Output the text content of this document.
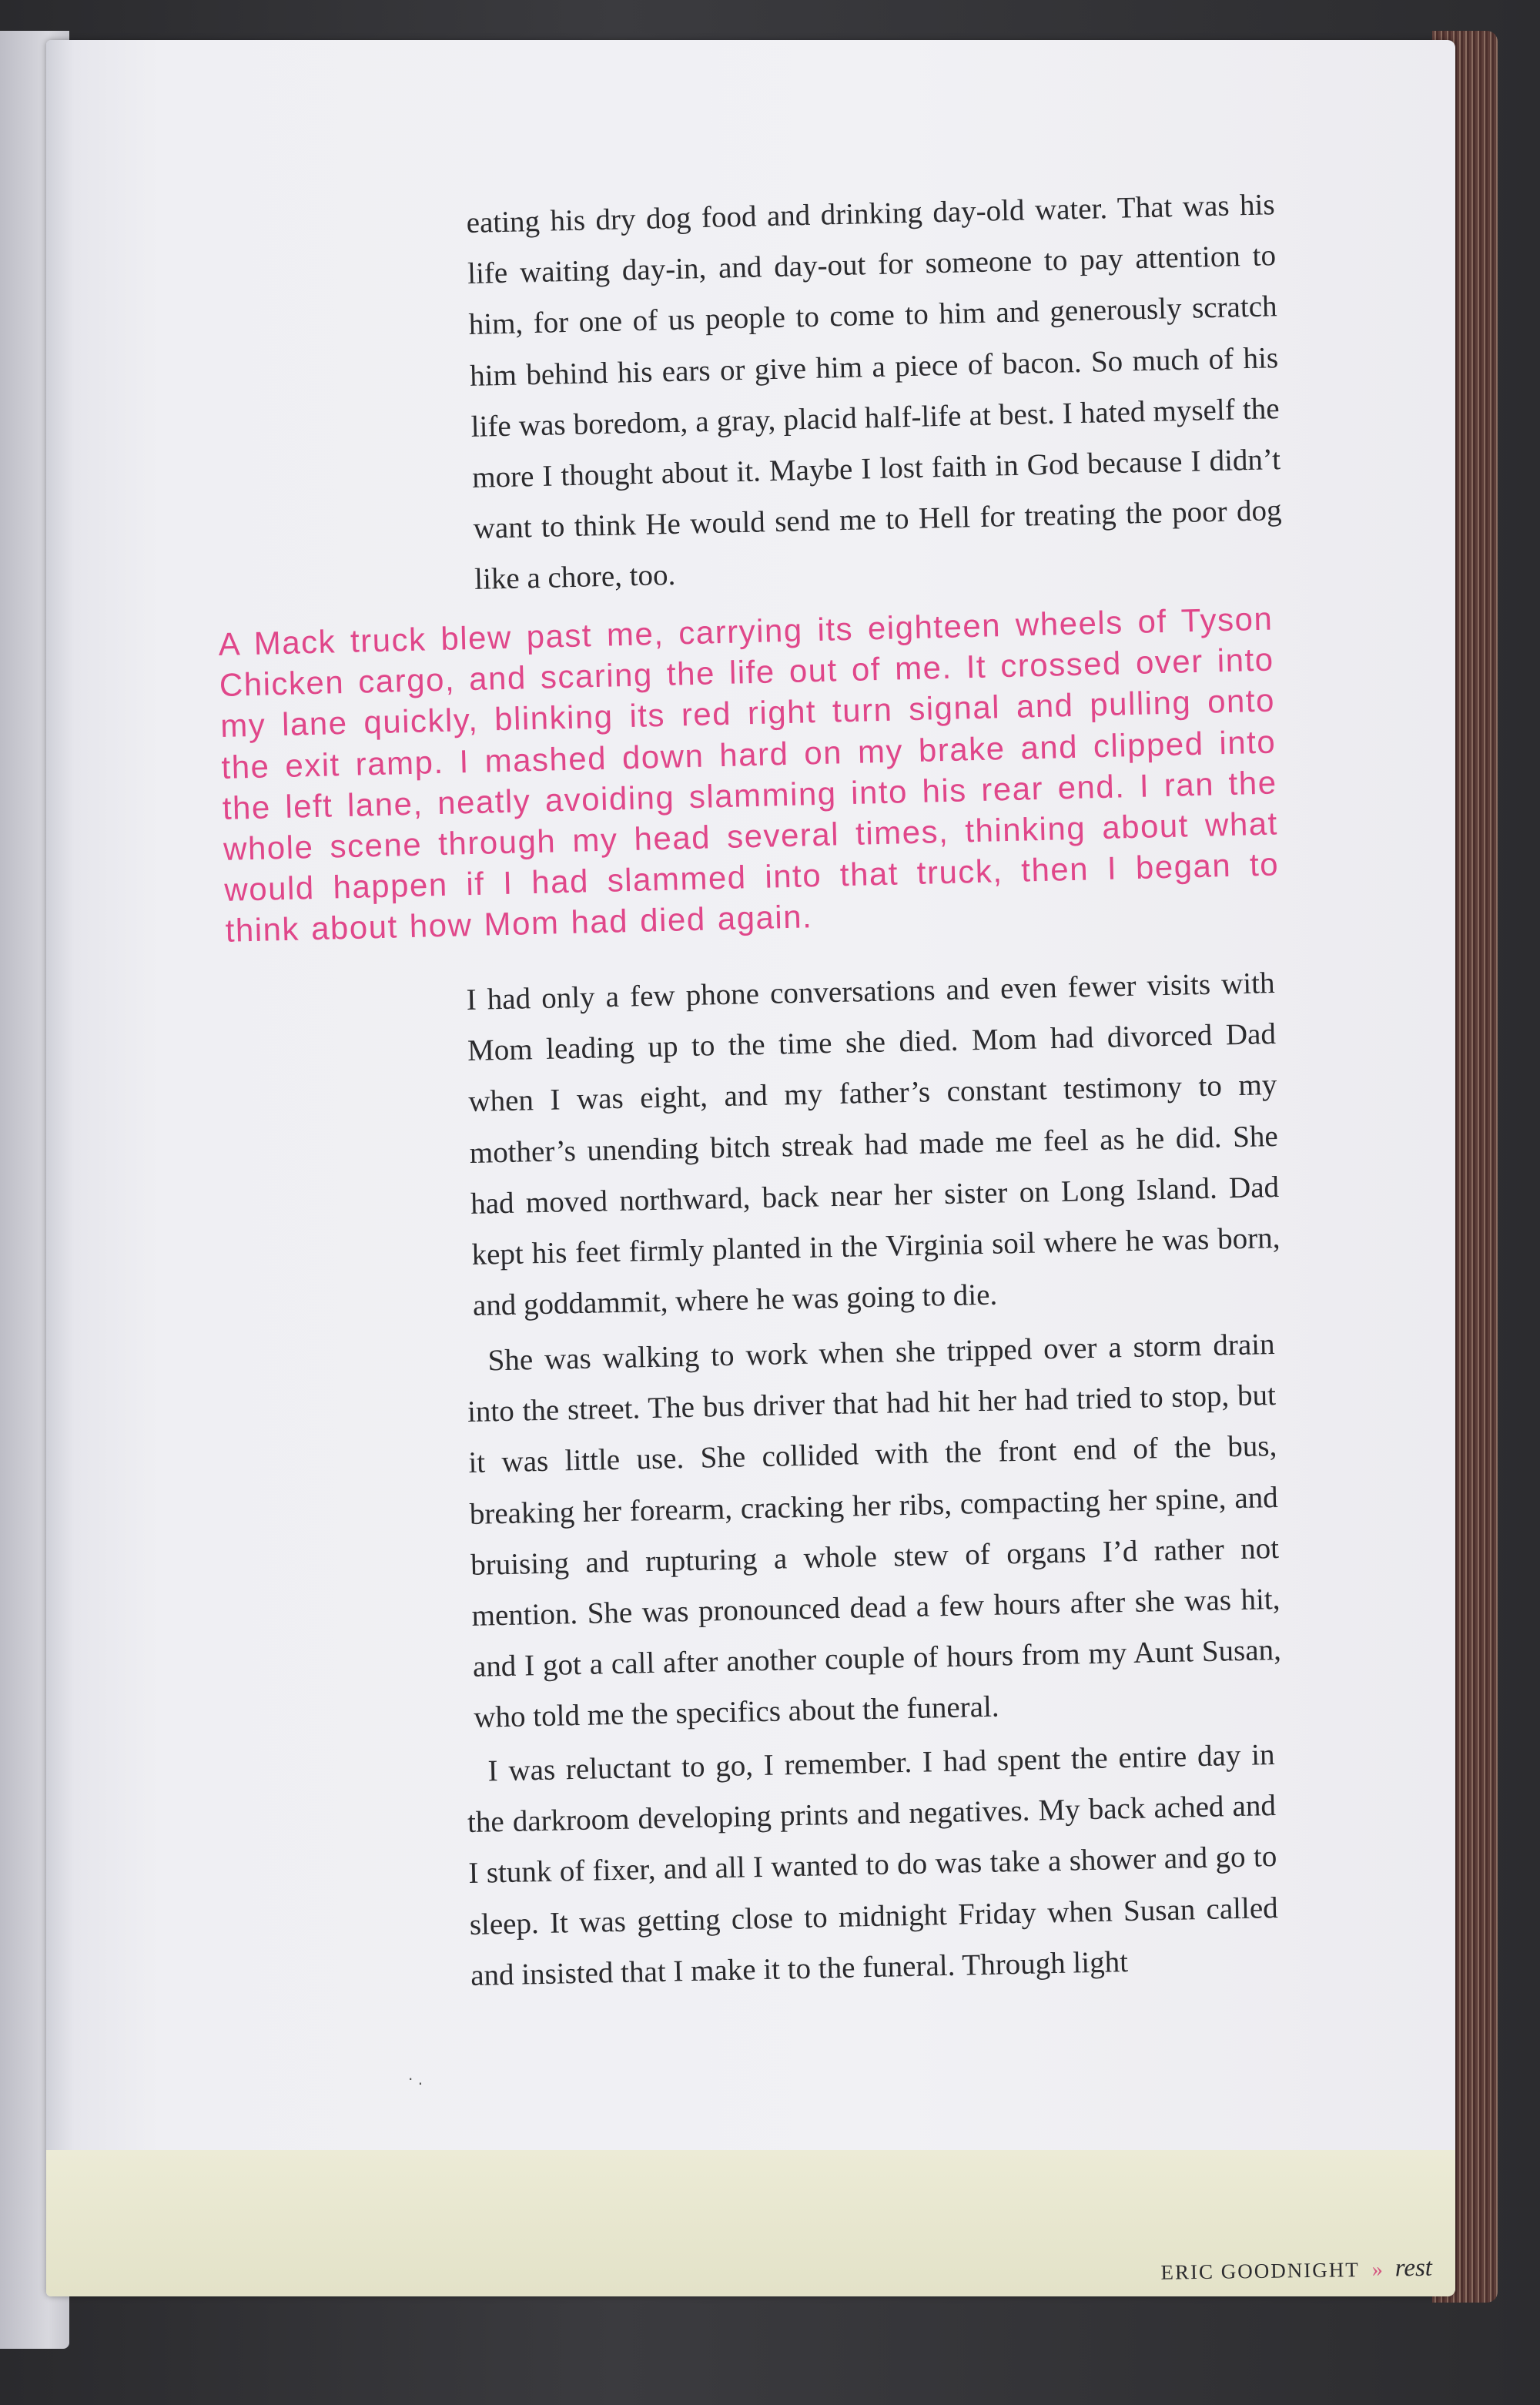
eating his dry dog food and drinking day-old water. That was his life waiting day-in, and day-out for someone to pay attention to him, for one of us people to come to him and generously scratch him behind his ears or give him a piece of bacon. So much of his life was boredom, a gray, placid half-life at best. I hated myself the more I thought about it. Maybe I lost faith in God because I didn’t want to think He would send me to Hell for treating the poor dog like a chore, too.

A Mack truck blew past me, carrying its eighteen wheels of Tyson Chicken cargo, and scaring the life out of me. It crossed over into my lane quickly, blinking its red right turn signal and pulling onto the exit ramp. I mashed down hard on my brake and clipped into the left lane, neatly avoiding slamming into his rear end. I ran the whole scene through my head several times, thinking about what would happen if I had slammed into that truck, then I began to think about how Mom had died again.

I had only a few phone conversations and even fewer visits with Mom leading up to the time she died. Mom had divorced Dad when I was eight, and my father’s constant testimony to my mother’s unending bitch streak had made me feel as he did. She had moved northward, back near her sister on Long Island. Dad kept his feet firmly planted in the Virginia soil where he was born, and goddammit, where he was going to die.

She was walking to work when she tripped over a storm drain into the street. The bus driver that had hit her had tried to stop, but it was little use. She collided with the front end of the bus, breaking her forearm, cracking her ribs, compacting her spine, and bruising and rupturing a whole stew of organs I’d rather not mention. She was pronounced dead a few hours after she was hit, and I got a call after another couple of hours from my Aunt Susan, who told me the specifics about the funeral.

I was reluctant to go, I remember. I had spent the entire day in the darkroom developing prints and negatives. My back ached and I stunk of fixer, and all I wanted to do was take a shower and go to sleep. It was getting close to midnight Friday when Susan called and insisted that I make it to the funeral. Through light

· .
ERIC GOODNIGHT » rest
